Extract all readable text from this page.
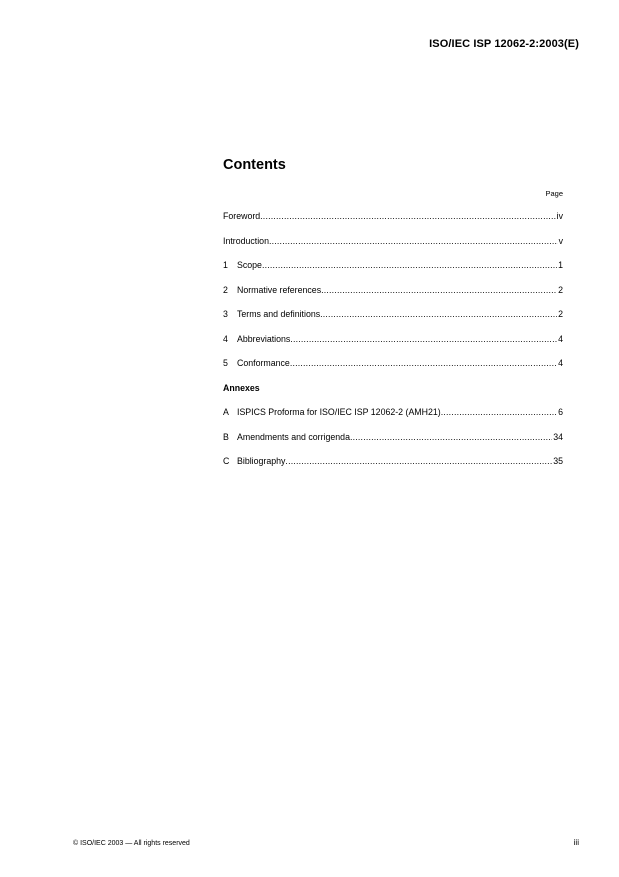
ISO/IEC ISP 12062-2:2003(E)
Contents
Page
Foreword .....	iv
Introduction .....	v
1	Scope .....	1
2	Normative references .....	2
3	Terms and definitions .....	2
4	Abbreviations .....	4
5	Conformance .....	4
Annexes
A ISPICS Proforma for ISO/IEC ISP 12062-2 (AMH21) .....	6
B Amendments and corrigenda .....	34
C Bibliography .....	35
© ISO/IEC 2003 — All rights reserved	iii
